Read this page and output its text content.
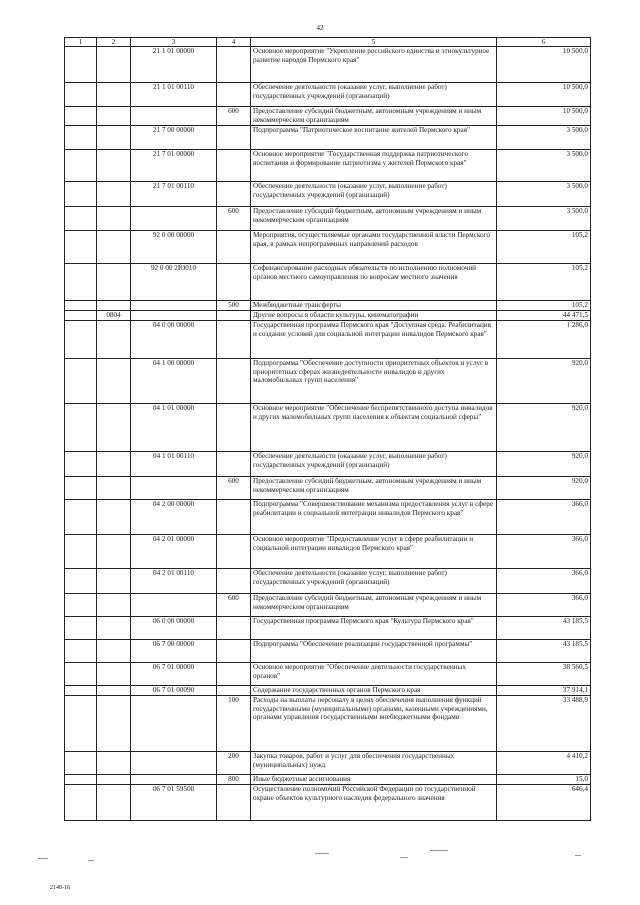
42
1	2	3	4	5	6
		21 1 01 00000		Основное мероприятие "Укрепление российского единства и этнокультурное развитие народов Пермского края"	10 500,0
		21 1 01 00110		Обеспечение деятельности (оказание услуг, выполнение работ) государственных учреждений (организаций)	10 500,0
			600	Предоставление субсидий бюджетным, автономным учреждениям и иным некоммерческим организациям	10 500,0
		21 7 00 00000		Подпрограмма "Патриотическое воспитание жителей Пермского края"	3 500,0
		21 7 01 00000		Основное мероприятие "Государственная поддержка патриотического воспитания и формирование патриотизма у жителей Пермского края"	3 500,0
		21 7 01 00110		Обеспечение деятельности (оказание услуг, выполнение работ) государственных учреждений (организаций)	3 500,0
			600	Предоставление субсидий бюджетным, автономным учреждениям и иным некоммерческим организациям	3 500,0
		92 0 00 00000		Мероприятия, осуществляемые органами государственной власти Пермского края, в рамках непрограммных направлений расходов	105,2
		92 0 00 2Ю010		Софинансирование расходных обязательств по исполнению полномочий органов местного самоуправления по вопросам местного значения	105,2
			500	Межбюджетные трансферты	105,2
	0804			Другие вопросы в области культуры, кинематографии	44 471,5
		04 0 00 00000		Государственная программа Пермского края "Доступная среда. Реабилитация и создание условий для социальной интеграции инвалидов Пермского края"	1 286,0
		04 1 00 00000		Подпрограмма "Обеспечение доступности приоритетных объектов и услуг в приоритетных сферах жизнедеятельности инвалидов и других маломобильных групп населения"	920,0
		04 1 01 00000		Основное мероприятие "Обеспечение беспрепятственного доступа инвалидов и других маломобильных групп населения к объектам социальной сферы"	920,0
		04 1 01 00110		Обеспечение деятельности (оказание услуг, выполнение работ) государственных учреждений (организаций)	920,0
			600	Предоставление субсидий бюджетным, автономным учреждениям и иным некоммерческим организациям	920,0
		04 2 00 00000		Подпрограмма "Совершенствование механизма предоставления услуг в сфере реабилитации и социальной интеграции инвалидов Пермского края"	366,0
		04 2 01 00000		Основное мероприятие "Предоставление услуг в сфере реабилитации и социальной интеграции инвалидов Пермского края"	366,0
		04 2 01 00110		Обеспечение деятельности (оказание услуг, выполнение работ) государственных учреждений (организаций)	366,0
			600	Предоставление субсидий бюджетным, автономным учреждениям и иным некоммерческим организациям	366,0
		06 0 00 00000		Государственная программа Пермского края "Культура Пермского края"	43 185,5
		06 7 00 00000		Подпрограмма "Обеспечение реализации государственной программы"	43 185,5
		06 7 01 00000		Основное мероприятие "Обеспечение деятельности государственных органов"	38 560,5
		06 7 01 00090		Содержание государственных органов Пермского края	37 914,1
			100	Расходы на выплаты персоналу в целях обеспечения выполнения функций государственными (муниципальными) органами, казенными учреждениями, органами управления государственными внебюджетными фондами	33 488,9
			200	Закупка товаров, работ и услуг для обеспечения государственных (муниципальных) нужд	4 410,2
			800	Иные бюджетные ассигнования	15,0
		06 7 01 59500		Осуществление полномочий Российской Федерации по государственной охране объектов культурного наследия федерального значения	646,4
2148-16
